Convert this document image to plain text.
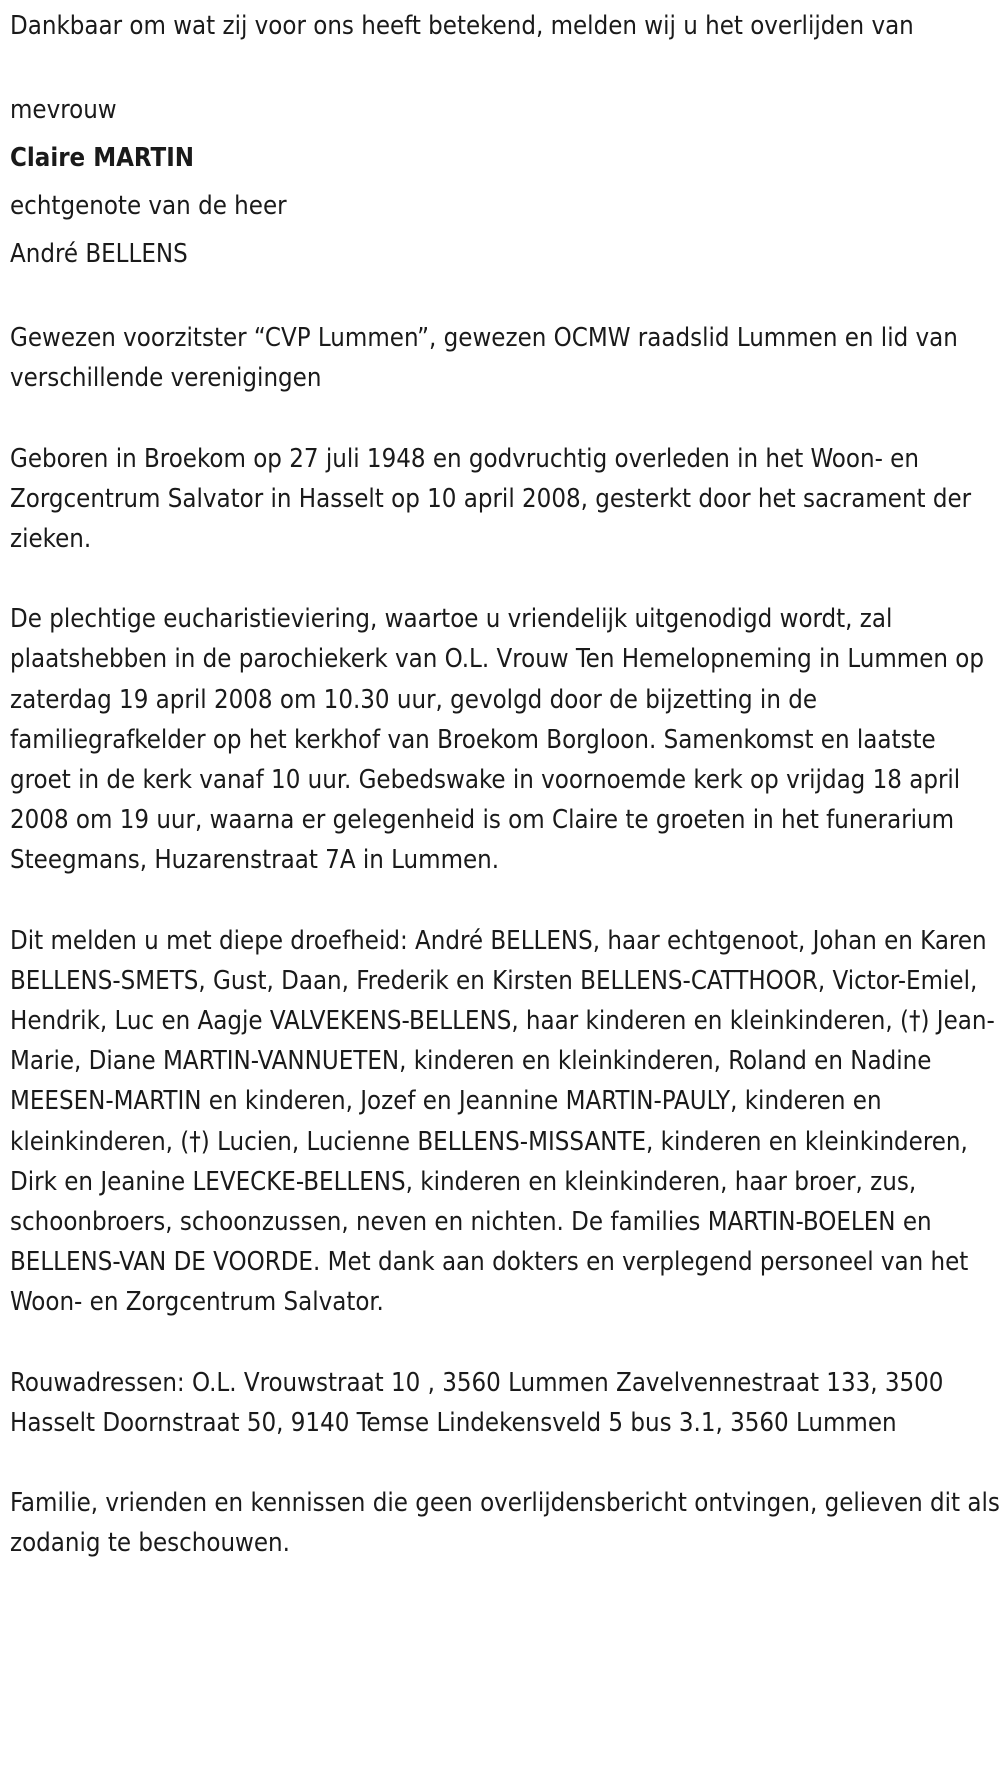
Dankbaar om wat zij voor ons heeft betekend, melden wij u het overlijden van

mevrouw

Claire MARTIN

echtgenote van de heer

André BELLENS

Gewezen voorzitster “CVP Lummen”, gewezen OCMW raadslid Lummen en lid van verschillende verenigingen

Geboren in Broekom op 27 juli 1948 en godvruchtig overleden in het Woon- en Zorgcentrum Salvator in Hasselt op 10 april 2008, gesterkt door het sacrament der zieken.

De plechtige eucharistieviering, waartoe u vriendelijk uitgenodigd wordt, zal plaatshebben in de parochiekerk van O.L. Vrouw Ten Hemelopneming in Lummen op zaterdag 19 april 2008 om 10.30 uur, gevolgd door de bijzetting in de familiegrafkelder op het kerkhof van Broekom Borgloon. Samenkomst en laatste groet in de kerk vanaf 10 uur. Gebedswake in voornoemde kerk op vrijdag 18 april 2008 om 19 uur, waarna er gelegenheid is om Claire te groeten in het funerarium Steegmans, Huzarenstraat 7A in Lummen.

Dit melden u met diepe droefheid: André BELLENS, haar echtgenoot, Johan en Karen BELLENS-SMETS, Gust, Daan, Frederik en Kirsten BELLENS-CATTHOOR, Victor-Emiel, Hendrik, Luc en Aagje VALVEKENS-BELLENS, haar kinderen en kleinkinderen, (†) Jean-Marie, Diane MARTIN-VANNUETEN, kinderen en kleinkinderen, Roland en Nadine MEESEN-MARTIN en kinderen, Jozef en Jeannine MARTIN-PAULY, kinderen en kleinkinderen, (†) Lucien, Lucienne BELLENS-MISSANTE, kinderen en kleinkinderen, Dirk en Jeanine LEVECKE-BELLENS, kinderen en kleinkinderen, haar broer, zus, schoonbroers, schoonzussen, neven en nichten. De families MARTIN-BOELEN en BELLENS-VAN DE VOORDE. Met dank aan dokters en verplegend personeel van het Woon- en Zorgcentrum Salvator.

Rouwadressen: O.L. Vrouwstraat 10 , 3560 Lummen Zavelvennestraat 133, 3500 Hasselt Doornstraat 50, 9140 Temse Lindekensveld 5 bus 3.1, 3560 Lummen

Familie, vrienden en kennissen die geen overlijdensbericht ontvingen, gelieven dit als zodanig te beschouwen.
